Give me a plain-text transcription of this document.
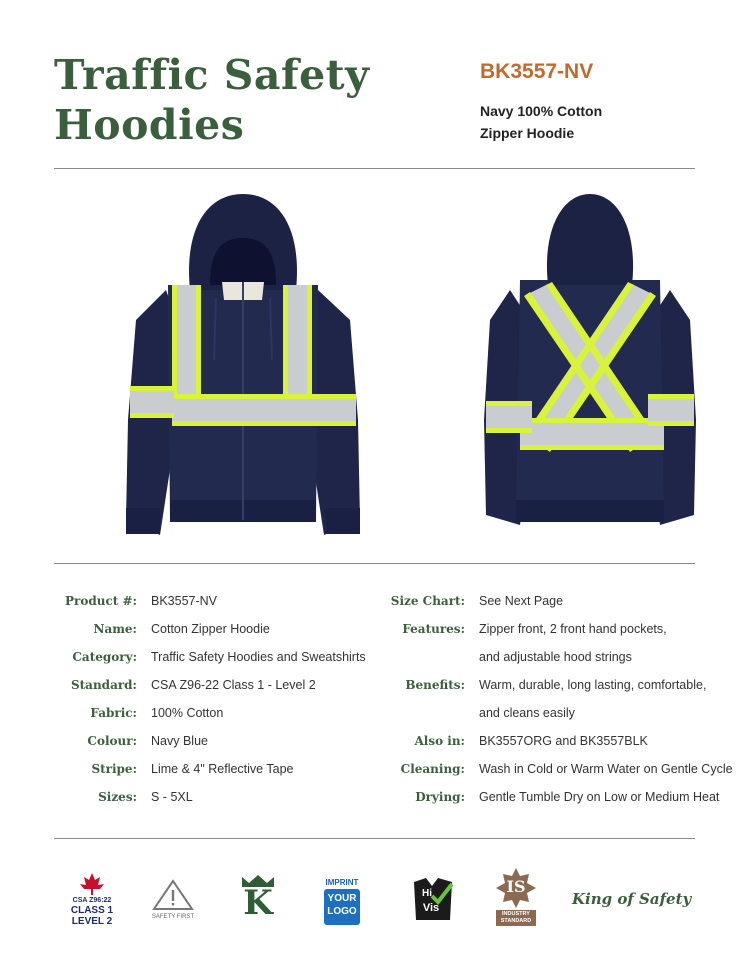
Traffic Safety
Hoodies
BK3557-NV
Navy 100% Cotton
Zipper Hoodie
Product #: BK3557-NV
Name: Cotton Zipper Hoodie
Category: Traffic Safety Hoodies and Sweatshirts
Standard: CSA Z96-22 Class 1 - Level 2
Fabric: 100% Cotton
Colour: Navy Blue
Stripe: Lime & 4" Reflective Tape
Sizes: S - 5XL
Size Chart: See Next Page
Features: Zipper front, 2 front hand pockets,
and adjustable hood strings
Benefits: Warm, durable, long lasting, comfortable,
and cleans easily
Also in: BK3557ORG and BK3557BLK
Cleaning: Wash in Cold or Warm Water on Gentle Cycle
Drying: Gentle Tumble Dry on Low or Medium Heat
CSA Z96:22
CLASS 1
LEVEL 2	SAFETY FIRST K
IMPRINT
YOUR
LOGO
Hi
Vis
IS
INDUSTRY
STANDARD
King of Safety
